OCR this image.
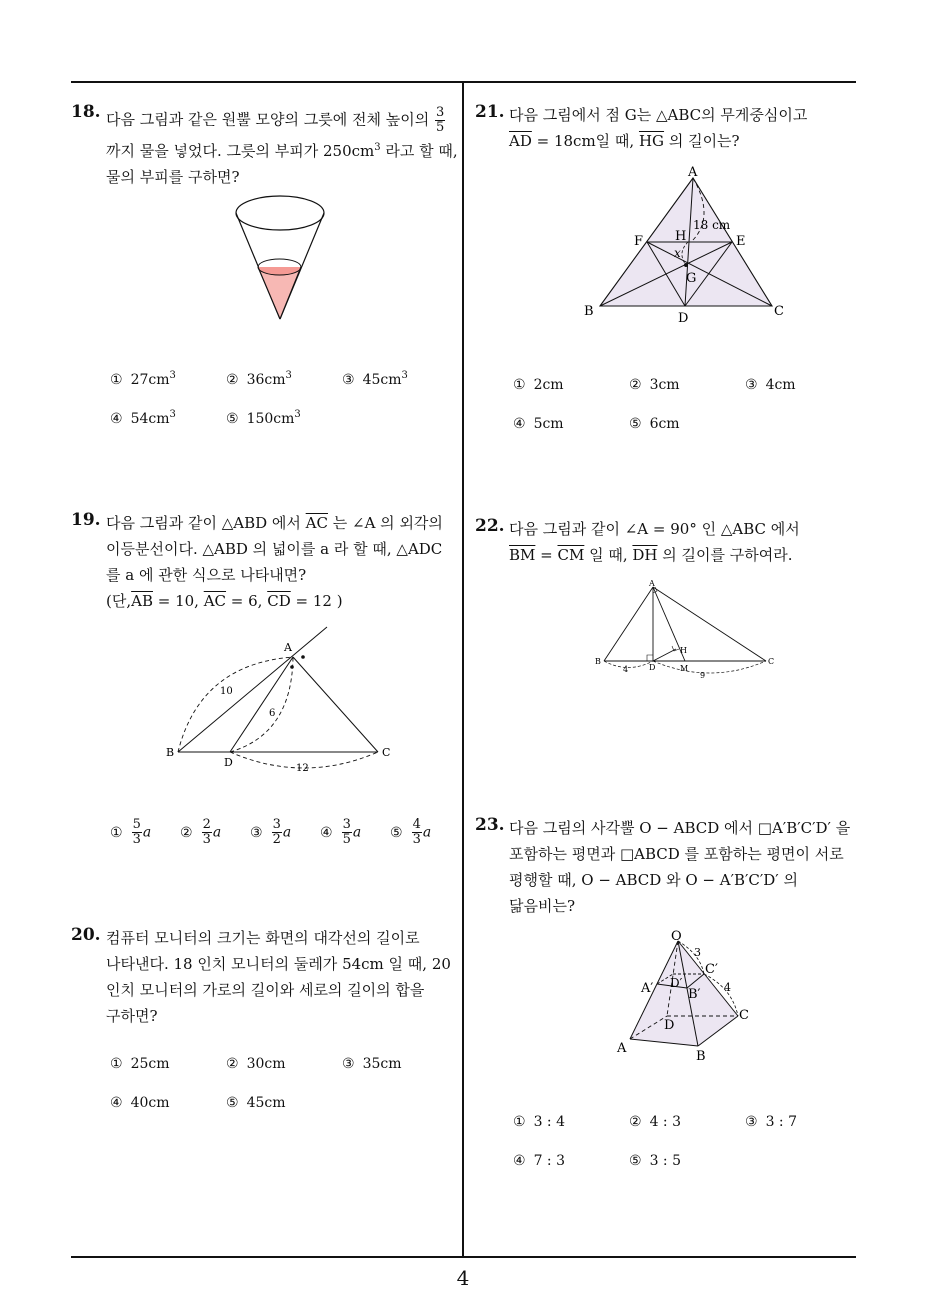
18. 다음 그림과 같은 원뿔 모양의 그릇에 전체 높이의 $\frac{3}{5}$
까지 물을 넣었다. 그릇의 부피가 $250cm^3$ 라고 할 때,
물의 부피를 구하면?
① $27cm^3$	② $36cm^3$	③ $45cm^3$
④ $54cm^3$	⑤ $150cm^3$
19. 다음 그림과 같이 △ABD 에서 $\overline{AC}$ 는 ∠A 의 외각의
이등분선이다. △ABD 의 넓이를 a 라 할 때, △ADC
를 a 에 관한 식으로 나타내면?
(단$,\overline{AB} = 10$, $\overline{AC} = 6$, $\overline{CD} = 12$ )
A
B	C
D
10
6
12
① $\frac{5}{3}$ a ② $\frac{2}{3}$ a ③ $\frac{3}{2}$ a ④ $\frac{3}{5}$ a ⑤ $\frac{4}{3}$ a
20. 컴퓨터 모니터의 크기는 화면의 대각선의 길이로
나타낸다. 18 인치 모니터의 둘레가 54cm 일 때, 20
인치 모니터의 가로의 길이와 세로의 길이의 합을
구하면?
① 25cm	② 30cm	③ 35cm
④ 40cm	⑤ 45cm
21. 다음 그림에서 점 G는 △ABC의 무게중심이고
$\overline{AD} = 18cm$일 때, $\overline{HG}$ 의 길이는?
A
B	C
D
E
F
G
H
x
18 cm
① 2cm	② 3cm	③ 4cm
④ 5cm	⑤ 6cm
22. 다음 그림과 같이 ∠A = 90° 인 △ABC 에서
$\overline{BM} = \overline{CM}$ 일 때, $\overline{DH}$ 의 길이를 구하여라.
A
B	C
D
H
M
4
9
23. 다음 그림의 사각뿔 O − ABCD 에서 □A′B′C′D′ 을
포함하는 평면과 □ABCD 를 포함하는 평면이 서로
평행할 때, O − ABCD 와 O − A′B′C′D′ 의
닮음비는?
O
A
B
C
D
A′	B′
C′
D′
3
4
① 3 : 4	② 4 : 3	③ 3 : 7
④ 7 : 3	⑤ 3 : 5
4
